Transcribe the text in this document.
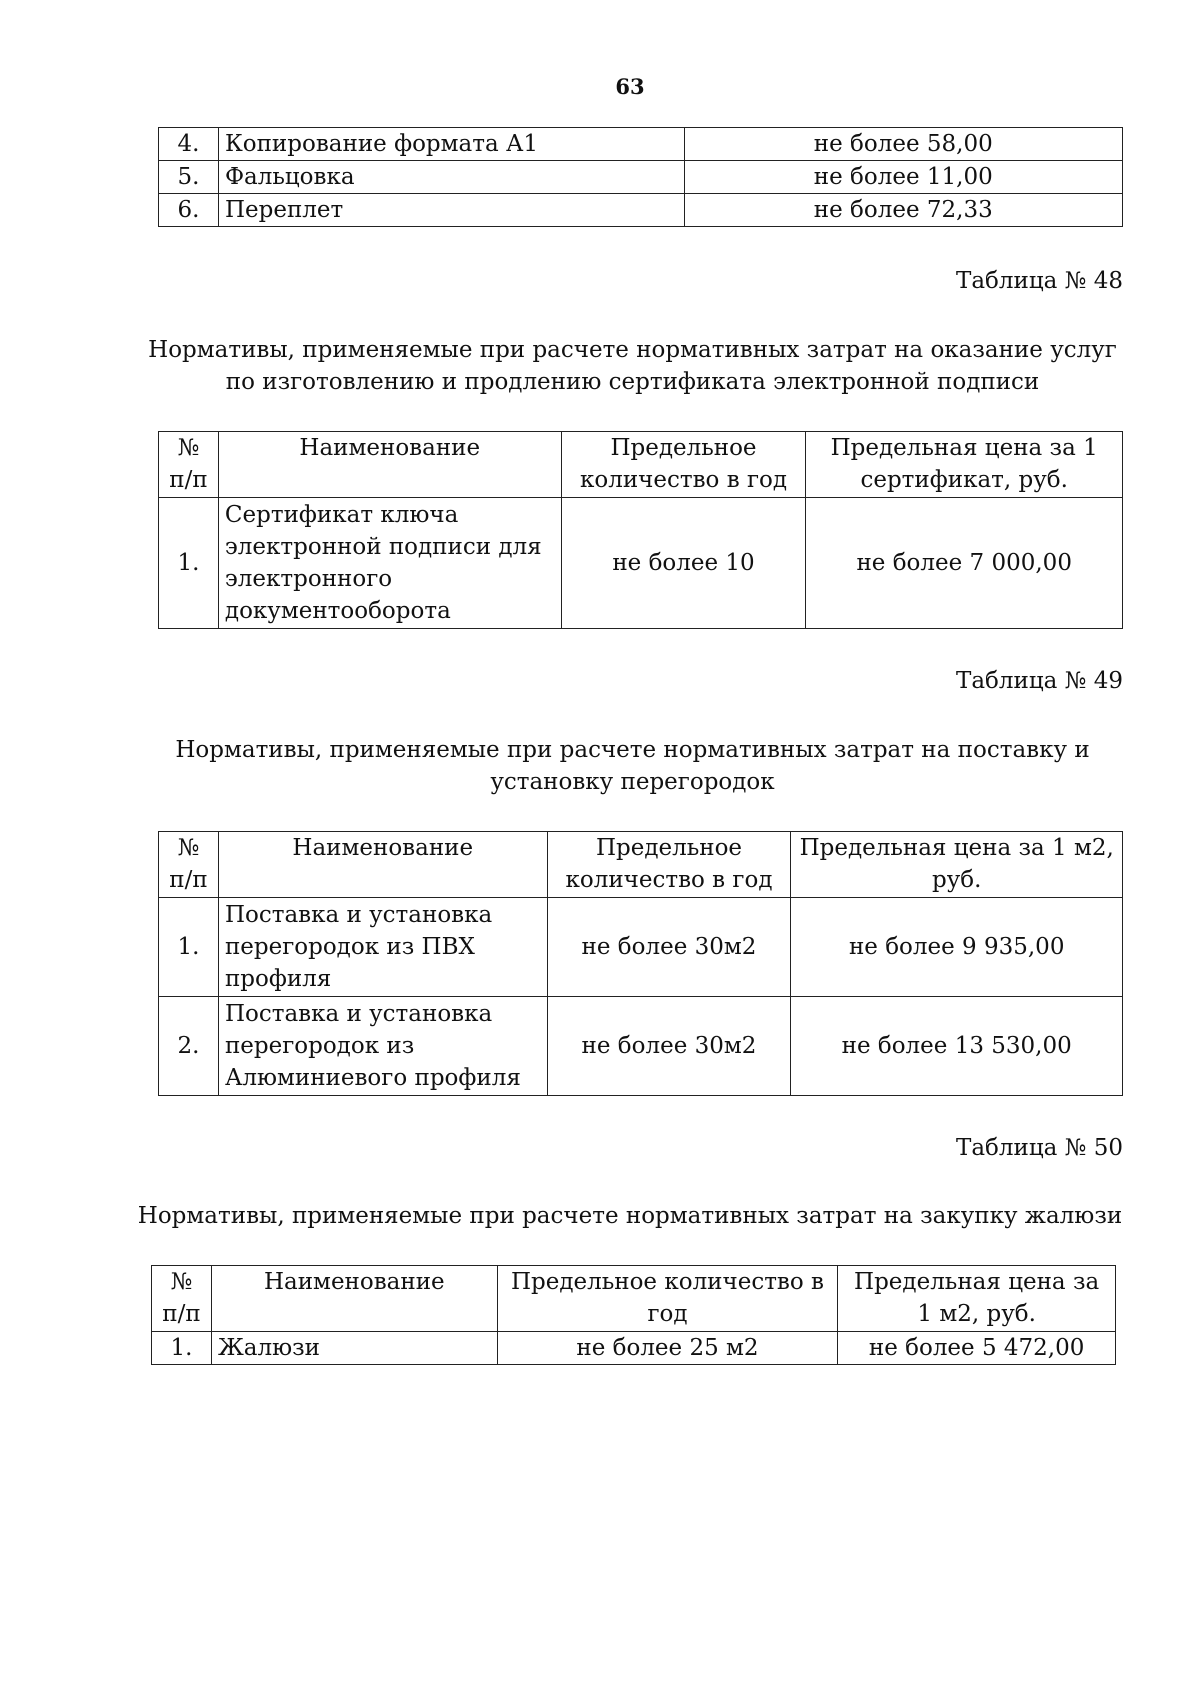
63
4.	Копирование формата А1	не более 58,00
5.	Фальцовка	не более 11,00
6.	Переплет	не более 72,33
Таблица № 48
Нормативы, применяемые при расчете нормативных затрат на оказание услуг
по изготовлению и продлению сертификата электронной подписи
№ п/п	Наименование	Предельное количество в год	Предельная цена за 1 сертификат, руб.
1.	Сертификат ключа электронной подписи для электронного документооборота	не более 10	не более 7 000,00
Таблица № 49
Нормативы, применяемые при расчете нормативных затрат на поставку и
установку перегородок
№ п/п	Наименование	Предельное количество в год	Предельная цена за 1 м2, руб.
1.	Поставка и установка перегородок из ПВХ профиля	не более 30м2	не более 9 935,00
2.	Поставка и установка перегородок из Алюминиевого профиля	не более 30м2	не более 13 530,00
Таблица № 50
Нормативы, применяемые при расчете нормативных затрат на закупку жалюзи
№ п/п	Наименование	Предельное количество в год	Предельная цена за 1 м2, руб.
1.	Жалюзи	не более 25 м2	не более 5 472,00
